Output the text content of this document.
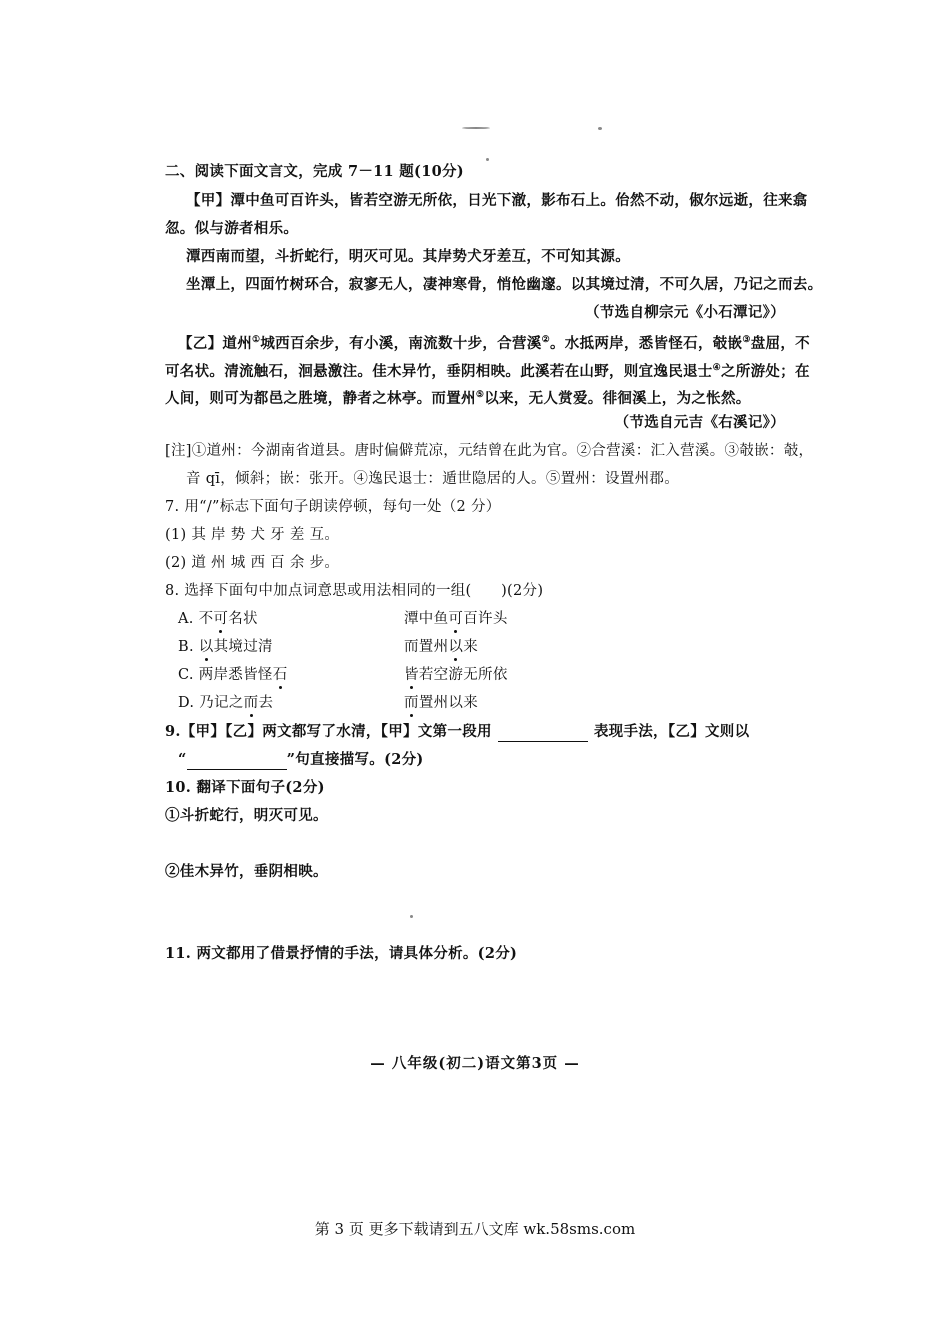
二、阅读下面文言文，完成 7－11 题(10分)
【甲】潭中鱼可百许头，皆若空游无所依，日光下澈，影布石上。佁然不动，俶尔远逝，往来翕
忽。似与游者相乐。
潭西南而望，斗折蛇行，明灭可见。其岸势犬牙差互，不可知其源。
坐潭上，四面竹树环合，寂寥无人，凄神寒骨，悄怆幽邃。以其境过清，不可久居，乃记之而去。
（节选自柳宗元《小石潭记》）
【乙】道州①城西百余步，有小溪，南流数十步，合营溪②。水抵两岸，悉皆怪石，攲嵌③盘屈，不
可名状。清流触石，洄悬激注。佳木异竹，垂阴相映。此溪若在山野，则宜逸民退士④之所游处；在
人间，则可为都邑之胜境，静者之林亭。而置州⑤以来，无人赏爱。徘徊溪上，为之怅然。
（节选自元吉《右溪记》）
[注]①道州：今湖南省道县。唐时偏僻荒凉，元结曾在此为官。②合营溪：汇入营溪。③攲嵌：攲，
音 qī，倾斜；嵌：张开。④逸民退士：遁世隐居的人。⑤置州：设置州郡。
7. 用“/”标志下面句子朗读停顿，每句一处（2 分）
(1) 其 岸 势 犬 牙 差 互。
(2) 道 州 城 西 百 余 步。
8. 选择下面句中加点词意思或用法相同的一组(　　)(2分)
A. 不可名状	潭中鱼可百许头
B. 以其境过清	而置州以来
C. 两岸悉皆怪石	皆若空游无所依
D. 乃记之而去	而置州以来
9.【甲】【乙】两文都写了水清，【甲】文第一段用	表现手法，【乙】文则以
“	”句直接描写。(2分)
10. 翻译下面句子(2分)
①斗折蛇行，明灭可见。
②佳木异竹，垂阴相映。
11. 两文都用了借景抒情的手法，请具体分析。(2分)
— 八年级(初二)语文第3页 —
第 3 页 更多下载请到五八文库 wk.58sms.com
